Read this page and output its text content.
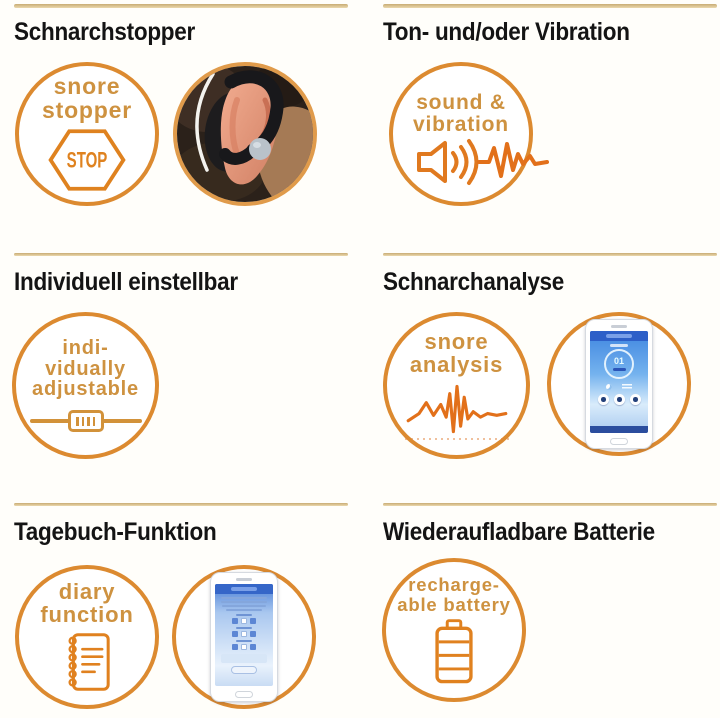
Schnarchstopper
snore
stopper
STOP
Ton- und/oder Vibration
sound &
vibration
Individuell einstellbar
indi-
vidually
adjustable
Schnarchanalyse
snore
analysis	01
Tagebuch-Funktion
diary
function
Wiederaufladbare Batterie
recharge-
able battery
